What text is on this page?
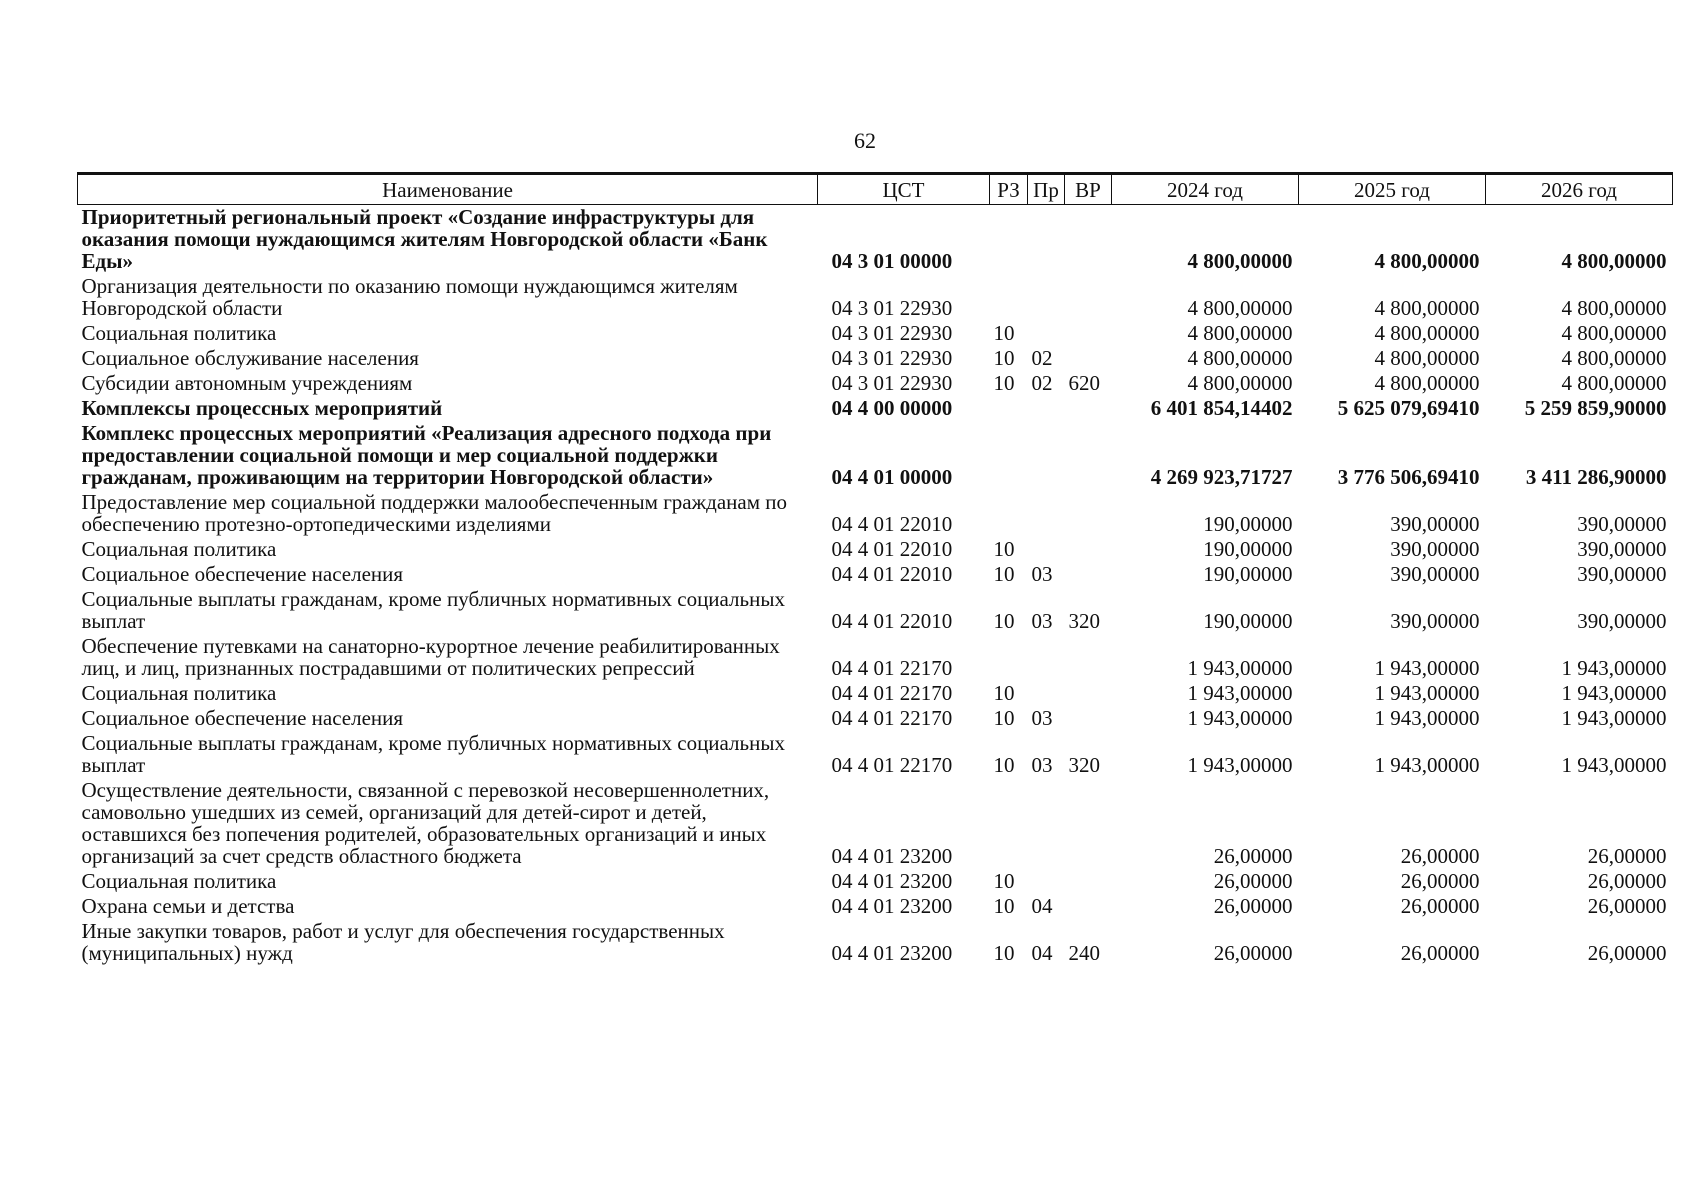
62
Наименование	ЦСТ	РЗ	Пр	ВР	2024 год	2025 год	2026 год
Приоритетный региональный проект «Создание инфраструктуры для оказания помощи нуждающимся жителям Новгородской области «Банк Еды»	04 3 01 00000				4 800,00000	4 800,00000	4 800,00000
Организация деятельности по оказанию помощи нуждающимся жителям Новгородской области	04 3 01 22930				4 800,00000	4 800,00000	4 800,00000
Социальная политика	04 3 01 22930	10			4 800,00000	4 800,00000	4 800,00000
Социальное обслуживание населения	04 3 01 22930	10	02		4 800,00000	4 800,00000	4 800,00000
Субсидии автономным учреждениям	04 3 01 22930	10	02	620	4 800,00000	4 800,00000	4 800,00000
Комплексы процессных мероприятий	04 4 00 00000				6 401 854,14402	5 625 079,69410	5 259 859,90000
Комплекс процессных мероприятий «Реализация адресного подхода при предоставлении социальной помощи и мер социальной поддержки гражданам, проживающим на территории Новгородской области»	04 4 01 00000				4 269 923,71727	3 776 506,69410	3 411 286,90000
Предоставление мер социальной поддержки малообеспеченным гражданам по обеспечению протезно-ортопедическими изделиями	04 4 01 22010				190,00000	390,00000	390,00000
Социальная политика	04 4 01 22010	10			190,00000	390,00000	390,00000
Социальное обеспечение населения	04 4 01 22010	10	03		190,00000	390,00000	390,00000
Социальные выплаты гражданам, кроме публичных нормативных социальных выплат	04 4 01 22010	10	03	320	190,00000	390,00000	390,00000
Обеспечение путевками на санаторно-курортное лечение реабилитированных лиц, и лиц, признанных пострадавшими от политических репрессий	04 4 01 22170				1 943,00000	1 943,00000	1 943,00000
Социальная политика	04 4 01 22170	10			1 943,00000	1 943,00000	1 943,00000
Социальное обеспечение населения	04 4 01 22170	10	03		1 943,00000	1 943,00000	1 943,00000
Социальные выплаты гражданам, кроме публичных нормативных социальных выплат	04 4 01 22170	10	03	320	1 943,00000	1 943,00000	1 943,00000
Осуществление деятельности, связанной с перевозкой несовершеннолетних, самовольно ушедших из семей, организаций для детей-сирот и детей, оставшихся без попечения родителей, образовательных организаций и иных организаций за счет средств областного бюджета	04 4 01 23200				26,00000	26,00000	26,00000
Социальная политика	04 4 01 23200	10			26,00000	26,00000	26,00000
Охрана семьи и детства	04 4 01 23200	10	04		26,00000	26,00000	26,00000
Иные закупки товаров, работ и услуг для обеспечения государственных (муниципальных) нужд	04 4 01 23200	10	04	240	26,00000	26,00000	26,00000
